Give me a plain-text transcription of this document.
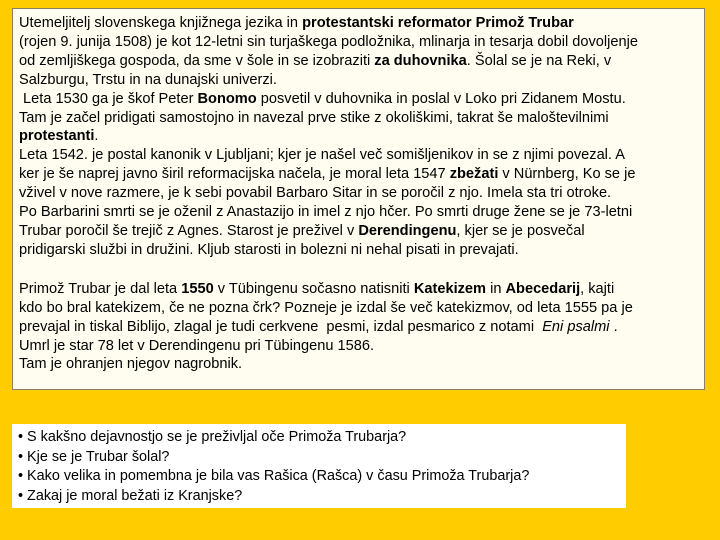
Utemeljitelj slovenskega knjižnega jezika in protestantski reformator Primož Trubar

(rojen 9. junija 1508) je kot 12-letni sin turjaškega podložnika, mlinarja in tesarja dobil dovoljenje

od zemljiškega gospoda, da sme v šole in se izobraziti za duhovnika. Šolal se je na Reki, v

Salzburgu, Trstu in na dunajski univerzi.

Leta 1530 ga je škof Peter Bonomo posvetil v duhovnika in poslal v Loko pri Zidanem Mostu.

Tam je začel pridigati samostojno in navezal prve stike z okoliškimi, takrat še maloštevilnimi

protestanti.

Leta 1542. je postal kanonik v Ljubljani; kjer je našel več somišljenikov in se z njimi povezal. A

ker je še naprej javno širil reformacijska načela, je moral leta 1547 zbežati v Nürnberg, Ko se je

vživel v nove razmere, je k sebi povabil Barbaro Sitar in se poročil z njo. Imela sta tri otroke.

Po Barbarini smrti se je oženil z Anastazijo in imel z njo hčer. Po smrti druge žene se je 73-letni

Trubar poročil še trejič z Agnes. Starost je preživel v Derendingenu, kjer se je posvečal

pridigarski službi in družini. Kljub starosti in bolezni ni nehal pisati in prevajati.

Primož Trubar je dal leta 1550 v Tübingenu sočasno natisniti Katekizem in Abecedarij, kajti

kdo bo bral katekizem, če ne pozna črk? Pozneje je izdal še več katekizmov, od leta 1555 pa je

prevajal in tiskal Biblijo, zlagal je tudi cerkvene  pesmi, izdal pesmarico z notami  Eni psalmi .

Umrl je star 78 let v Derendingenu pri Tübingenu 1586.

Tam je ohranjen njegov nagrobnik.

• S kakšno dejavnostjo se je preživljal oče Primoža Trubarja?
• Kje se je Trubar šolal?
• Kako velika in pomembna je bila vas Rašica (Rašca) v času Primoža Trubarja?
• Zakaj je moral bežati iz Kranjske?
